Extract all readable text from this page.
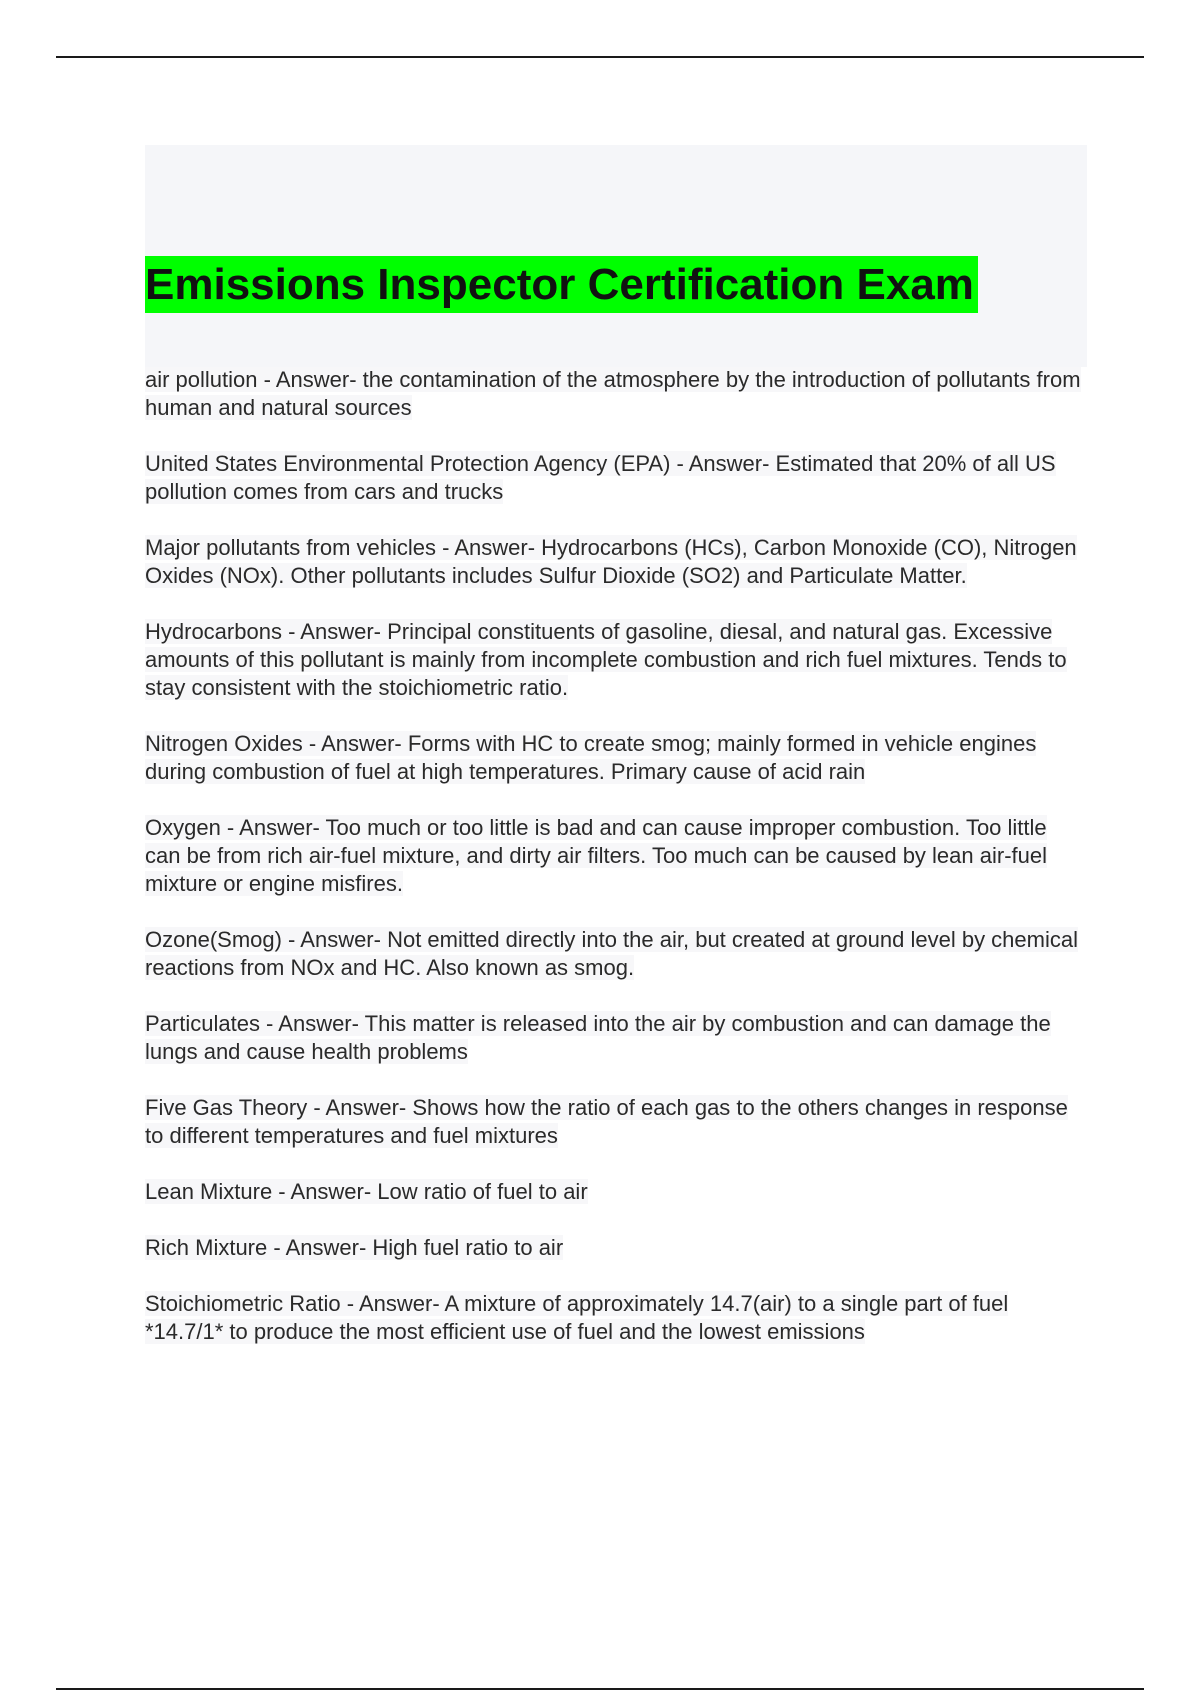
Emissions Inspector Certification Exam

air pollution - Answer- the contamination of the atmosphere by the introduction of pollutants from human and natural sources

United States Environmental Protection Agency (EPA) - Answer- Estimated that 20% of all US pollution comes from cars and trucks

Major pollutants from vehicles - Answer- Hydrocarbons (HCs), Carbon Monoxide (CO), Nitrogen Oxides (NOx). Other pollutants includes Sulfur Dioxide (SO2) and Particulate Matter.

Hydrocarbons - Answer- Principal constituents of gasoline, diesal, and natural gas. Excessive amounts of this pollutant is mainly from incomplete combustion and rich fuel mixtures. Tends to stay consistent with the stoichiometric ratio.

Nitrogen Oxides - Answer- Forms with HC to create smog; mainly formed in vehicle engines during combustion of fuel at high temperatures. Primary cause of acid rain

Oxygen - Answer- Too much or too little is bad and can cause improper combustion. Too little can be from rich air-fuel mixture, and dirty air filters. Too much can be caused by lean air-fuel mixture or engine misfires.

Ozone(Smog) - Answer- Not emitted directly into the air, but created at ground level by chemical reactions from NOx and HC. Also known as smog.

Particulates - Answer- This matter is released into the air by combustion and can damage the lungs and cause health problems

Five Gas Theory - Answer- Shows how the ratio of each gas to the others changes in response to different temperatures and fuel mixtures

Lean Mixture - Answer- Low ratio of fuel to air

Rich Mixture - Answer- High fuel ratio to air

Stoichiometric Ratio - Answer- A mixture of approximately 14.7(air) to a single part of fuel *14.7/1* to produce the most efficient use of fuel and the lowest emissions
